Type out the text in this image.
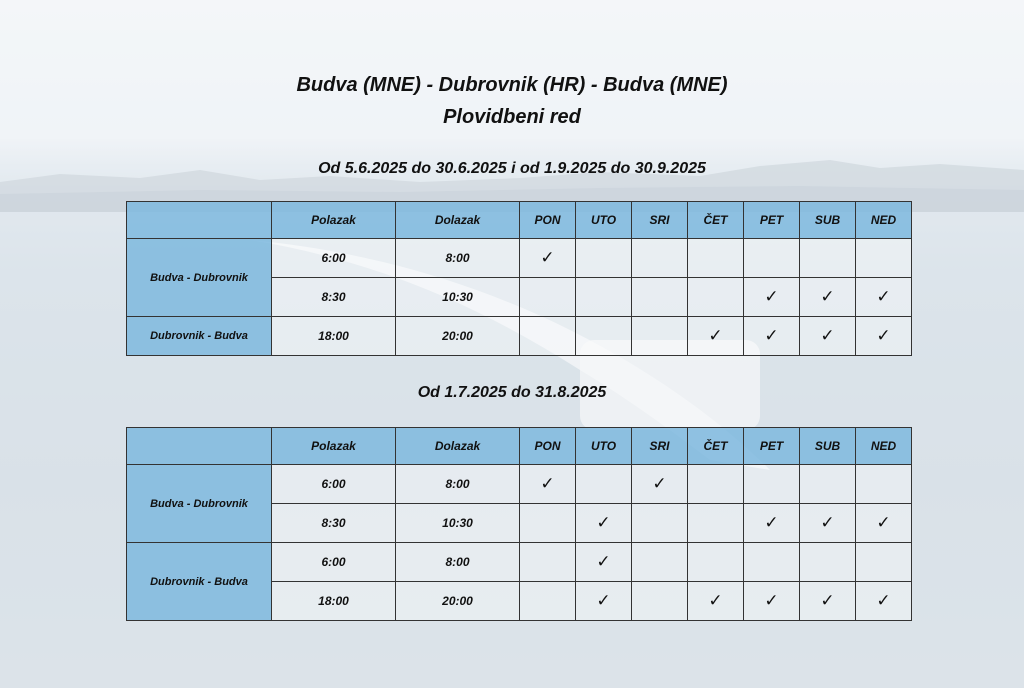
Budva (MNE) - Dubrovnik (HR) - Budva (MNE)
Plovidbeni red
Od 5.6.2025 do 30.6.2025 i od 1.9.2025 do 30.9.2025
	Polazak	Dolazak	PON	UTO	SRI	ČET	PET	SUB	NED
Budva - Dubrovnik	6:00	8:00	✓						
	8:30	10:30					✓	✓	✓
Dubrovnik - Budva	18:00	20:00				✓	✓	✓	✓
Od 1.7.2025 do 31.8.2025
	Polazak	Dolazak	PON	UTO	SRI	ČET	PET	SUB	NED
Budva - Dubrovnik	6:00	8:00	✓		✓				
	8:30	10:30		✓			✓	✓	✓
Dubrovnik - Budva	6:00	8:00		✓					
	18:00	20:00		✓		✓	✓	✓	✓
